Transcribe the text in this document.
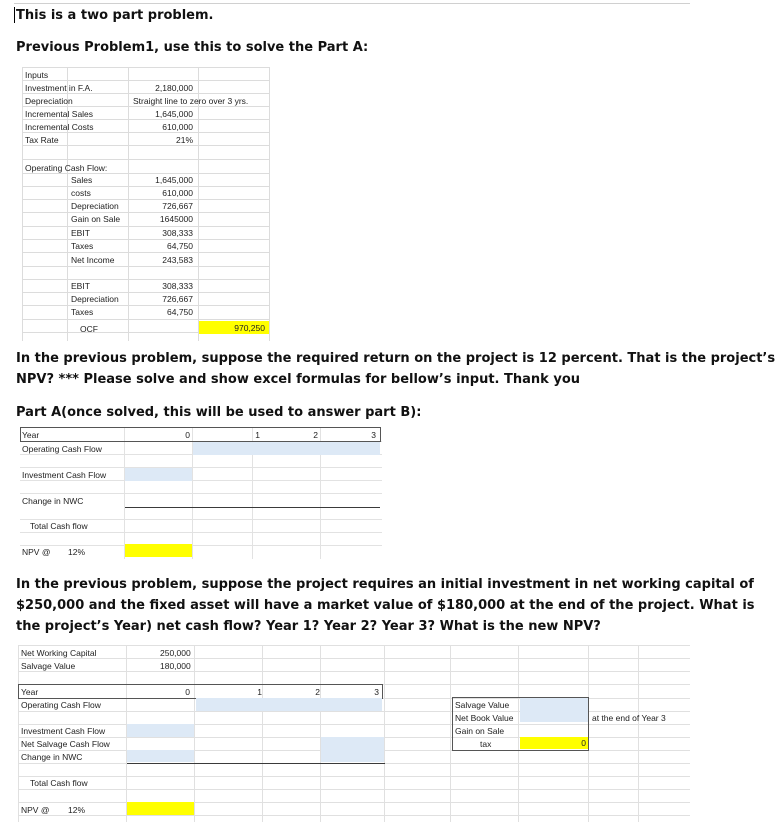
This is a two part problem.
Previous Problem1, use this to solve the Part A:
Inputs
Investment in F.A.	2,180,000
Depreciation	Straight line to zero over 3 yrs.
Incremental Sales	1,645,000
Incremental Costs	610,000
Tax Rate	21%
Operating Cash Flow:
Sales	1,645,000
costs	610,000
Depreciation	726,667
Gain on Sale	1645000
EBIT	308,333
Taxes	64,750
Net Income	243,583
EBIT	308,333
Depreciation	726,667
Taxes	64,750
OCF	970,250
In the previous problem, suppose the required return on the project is 12 percent. That is the project’s
NPV? *** Please solve and show excel formulas for bellow’s input. Thank you
Part A(once solved, this will be used to answer part B):
Year	0	1	2	3
Operating Cash Flow
Investment Cash Flow
Change in NWC
Total Cash flow
NPV @ 12%
In the previous problem, suppose the project requires an initial investment in net working capital of
$250,000 and the fixed asset will have a market value of $180,000 at the end of the project. What is
the project’s Year) net cash flow? Year 1? Year 2? Year 3? What is the new NPV?
Net Working Capital	250,000
Salvage Value	180,000
Year	0	1	2	3
Operating Cash Flow
Investment Cash Flow
Net Salvage Cash Flow
Change in NWC
Total Cash flow
NPV @ 12%
Salvage Value
Net Book Value	at the end of Year 3
Gain on Sale
tax	0
